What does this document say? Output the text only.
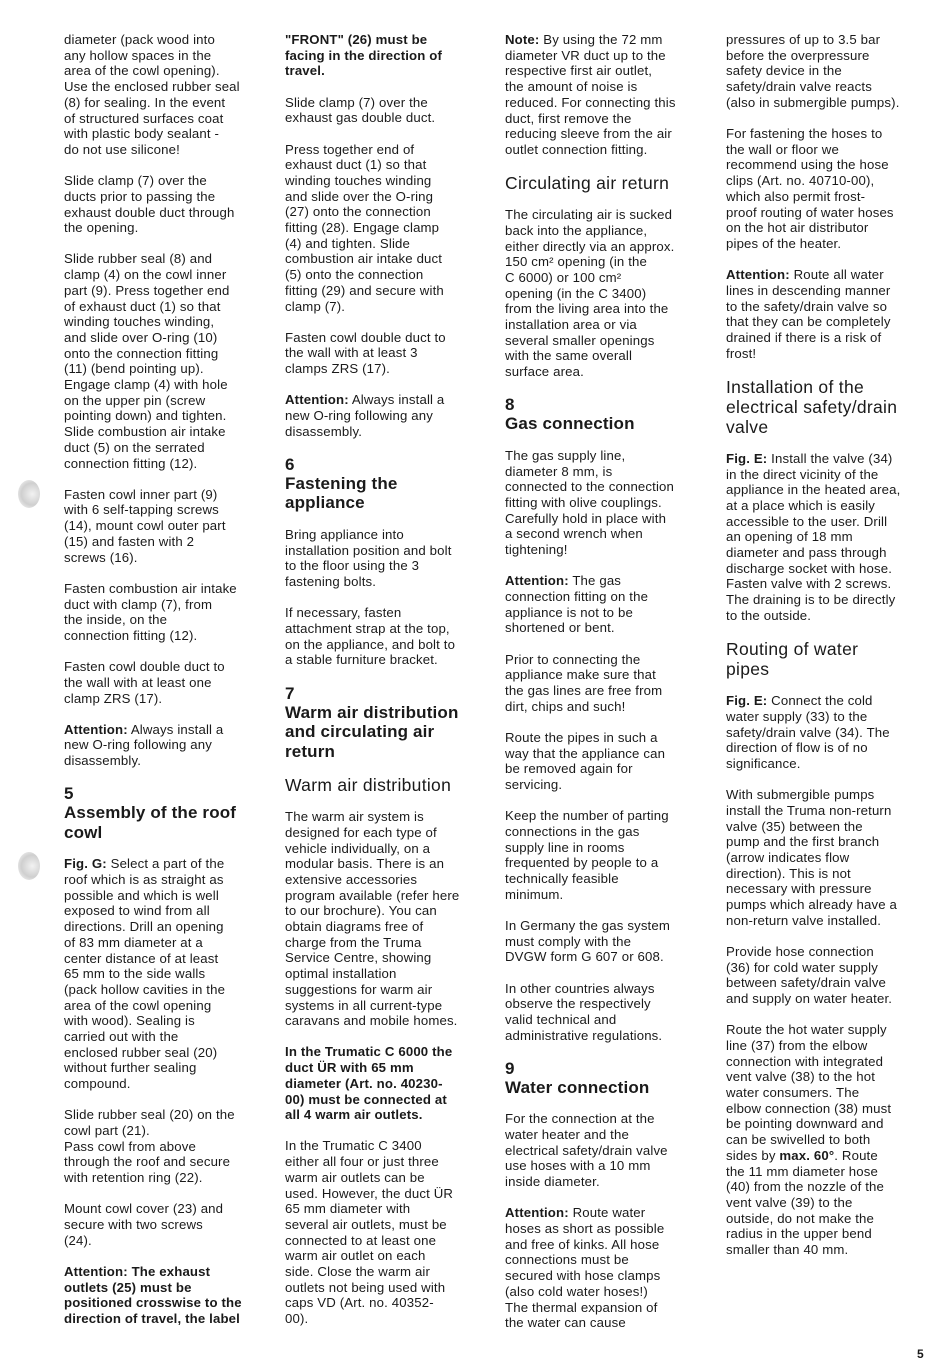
diameter (pack wood into
any hollow spaces in the
area of the cowl opening).
Use the enclosed rubber seal
(8) for sealing. In the event
of structured surfaces coat
with plastic body sealant -
do not use silicone!

Slide clamp (7) over the
ducts prior to passing the
exhaust double duct through
the opening.

Slide rubber seal (8) and
clamp (4) on the cowl inner
part (9). Press together end
of exhaust duct (1) so that
winding touches winding,
and slide over O-ring (10)
onto the connection fitting
(11) (bend pointing up).
Engage clamp (4) with hole
on the upper pin (screw
pointing down) and tighten.
Slide combustion air intake
duct (5) on the serrated
connection fitting (12).

Fasten cowl inner part (9)
with 6 self-tapping screws
(14), mount cowl outer part
(15) and fasten with 2
screws (16).

Fasten combustion air intake
duct with clamp (7), from
the inside, on the
connection fitting (12).

Fasten cowl double duct to
the wall with at least one
clamp ZRS (17).

Attention: Always install a
new O-ring following any
disassembly.

5
Assembly of the roof
cowl

Fig. G: Select a part of the
roof which is as straight as
possible and which is well
exposed to wind from all
directions. Drill an opening
of 83 mm diameter at a
center distance of at least
65 mm to the side walls
(pack hollow cavities in the
area of the cowl opening
with wood). Sealing is
carried out with the
enclosed rubber seal (20)
without further sealing
compound.

Slide rubber seal (20) on the
cowl part (21).
Pass cowl from above
through the roof and secure
with retention ring (22).

Mount cowl cover (23) and
secure with two screws
(24).

Attention: The exhaust
outlets (25) must be
positioned crosswise to the
direction of travel, the label

"FRONT" (26) must be
facing in the direction of
travel.

Slide clamp (7) over the
exhaust gas double duct.

Press together end of
exhaust duct (1) so that
winding touches winding
and slide over the O-ring
(27) onto the connection
fitting (28). Engage clamp
(4) and tighten. Slide
combustion air intake duct
(5) onto the connection
fitting (29) and secure with
clamp (7).

Fasten cowl double duct to
the wall with at least 3
clamps ZRS (17).

Attention: Always install a
new O-ring following any
disassembly.

6
Fastening the
appliance

Bring appliance into
installation position and bolt
to the floor using the 3
fastening bolts.

If necessary, fasten
attachment strap at the top,
on the appliance, and bolt to
a stable furniture bracket.

7
Warm air distribution
and circulating air
return
Warm air distribution

The warm air system is
designed for each type of
vehicle individually, on a
modular basis. There is an
extensive accessories
program available (refer here
to our brochure). You can
obtain diagrams free of
charge from the Truma
Service Centre, showing
optimal installation
suggestions for warm air
systems in all current-type
caravans and mobile homes.

In the Trumatic C 6000 the
duct ÜR with 65 mm
diameter (Art. no. 40230-
00) must be connected at
all 4 warm air outlets.

In the Trumatic C 3400
either all four or just three
warm air outlets can be
used. However, the duct ÜR
65 mm diameter with
several air outlets, must be
connected to at least one
warm air outlet on each
side. Close the warm air
outlets not being used with
caps VD (Art. no. 40352-
00).

Note: By using the 72 mm
diameter VR duct up to the
respective first air outlet,
the amount of noise is
reduced. For connecting this
duct, first remove the
reducing sleeve from the air
outlet connection fitting.

Circulating air return

The circulating air is sucked
back into the appliance,
either directly via an approx.
150 cm² opening (in the
C 6000) or 100 cm²
opening (in the C 3400)
from the living area into the
installation area or via
several smaller openings
with the same overall
surface area.

8
Gas connection

The gas supply line,
diameter 8 mm, is
connected to the connection
fitting with olive couplings.
Carefully hold in place with
a second wrench when
tightening!

Attention: The gas
connection fitting on the
appliance is not to be
shortened or bent.

Prior to connecting the
appliance make sure that
the gas lines are free from
dirt, chips and such!

Route the pipes in such a
way that the appliance can
be removed again for
servicing.

Keep the number of parting
connections in the gas
supply line in rooms
frequented by people to a
technically feasible
minimum.

In Germany the gas system
must comply with the
DVGW form G 607 or 608.

In other countries always
observe the respectively
valid technical and
administrative regulations.

9
Water connection

For the connection at the
water heater and the
electrical safety/drain valve
use hoses with a 10 mm
inside diameter.

Attention: Route water
hoses as short as possible
and free of kinks. All hose
connections must be
secured with hose clamps
(also cold water hoses!)
The thermal expansion of
the water can cause

pressures of up to 3.5 bar
before the overpressure
safety device in the
safety/drain valve reacts
(also in submergible pumps).

For fastening the hoses to
the wall or floor we
recommend using the hose
clips (Art. no. 40710-00),
which also permit frost-
proof routing of water hoses
on the hot air distributor
pipes of the heater.

Attention: Route all water
lines in descending manner
to the safety/drain valve so
that they can be completely
drained if there is a risk of
frost!

Installation of the
electrical safety/drain
valve

Fig. E: Install the valve (34)
in the direct vicinity of the
appliance in the heated area,
at a place which is easily
accessible to the user. Drill
an opening of 18 mm
diameter and pass through
discharge socket with hose.
Fasten valve with 2 screws.
The draining is to be directly
to the outside.

Routing of water
pipes

Fig. E: Connect the cold
water supply (33) to the
safety/drain valve (34). The
direction of flow is of no
significance.

With submergible pumps
install the Truma non-return
valve (35) between the
pump and the first branch
(arrow indicates flow
direction). This is not
necessary with pressure
pumps which already have a
non-return valve installed.

Provide hose connection
(36) for cold water supply
between safety/drain valve
and supply on water heater.

Route the hot water supply
line (37) from the elbow
connection with integrated
vent valve (38) to the hot
water consumers. The
elbow connection (38) must
be pointing downward and
can be swivelled to both
sides by max. 60°. Route
the 11 mm diameter hose
(40) from the nozzle of the
vent valve (39) to the
outside, do not make the
radius in the upper bend
smaller than 40 mm.

5
